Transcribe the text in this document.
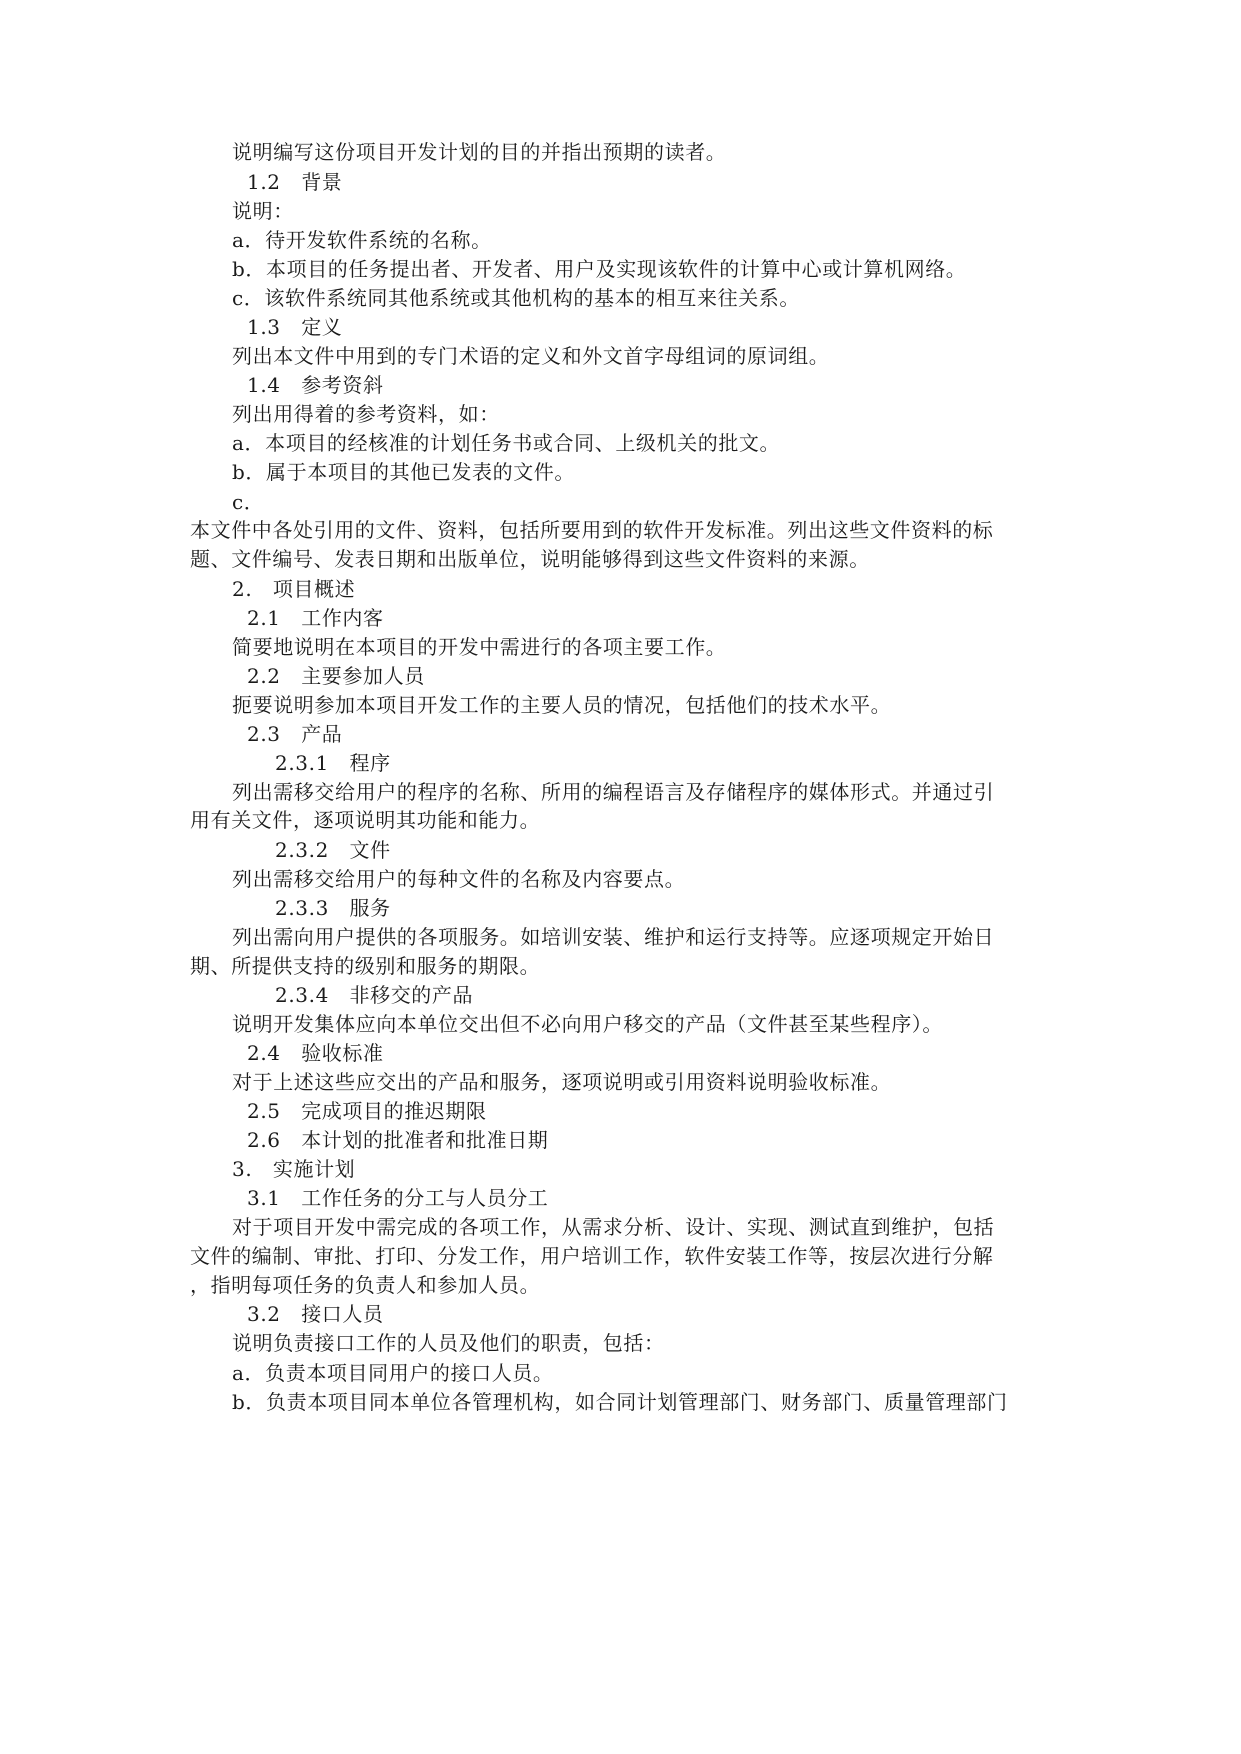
说明编写这份项目开发计划的目的并指出预期的读者。
1.2　背景
说明：
a．待开发软件系统的名称。
b．本项目的任务提出者、开发者、用户及实现该软件的计算中心或计算机网络。
c．该软件系统同其他系统或其他机构的基本的相互来往关系。
1.3　定义
列出本文件中用到的专门术语的定义和外文首字母组词的原词组。
1.4　参考资斜
列出用得着的参考资料，如：
a．本项目的经核准的计划任务书或合同、上级机关的批文。
b．属于本项目的其他已发表的文件。
c．
本文件中各处引用的文件、资料，包括所要用到的软件开发标准。列出这些文件资料的标
题、文件编号、发表日期和出版单位，说明能够得到这些文件资料的来源。
2.　项目概述
2.1　工作内客
简要地说明在本项目的开发中需进行的各项主要工作。
2.2　主要参加人员
扼要说明参加本项目开发工作的主要人员的情况，包括他们的技术水平。
2.3　产品
2.3.1　程序
列出需移交给用户的程序的名称、所用的编程语言及存储程序的媒体形式。并通过引
用有关文件，逐项说明其功能和能力。
2.3.2　文件
列出需移交给用户的每种文件的名称及内容要点。
2.3.3　服务
列出需向用户提供的各项服务。如培训安装、维护和运行支持等。应逐项规定开始日
期、所提供支持的级别和服务的期限。
2.3.4　非移交的产品
说明开发集体应向本单位交出但不必向用户移交的产品（文件甚至某些程序）。
2.4　验收标准
对于上述这些应交出的产品和服务，逐项说明或引用资料说明验收标准。
2.5　完成项目的推迟期限
2.6　本计划的批准者和批准日期
3.　实施计划
3.1　工作任务的分工与人员分工
对于项目开发中需完成的各项工作，从需求分析、设计、实现、测试直到维护，包括
文件的编制、审批、打印、分发工作，用户培训工作，软件安装工作等，按层次进行分解
，指明每项任务的负责人和参加人员。
3.2　接口人员
说明负责接口工作的人员及他们的职责，包括：
a．负责本项目同用户的接口人员。
b．负责本项目同本单位各管理机构，如合同计划管理部门、财务部门、质量管理部门
